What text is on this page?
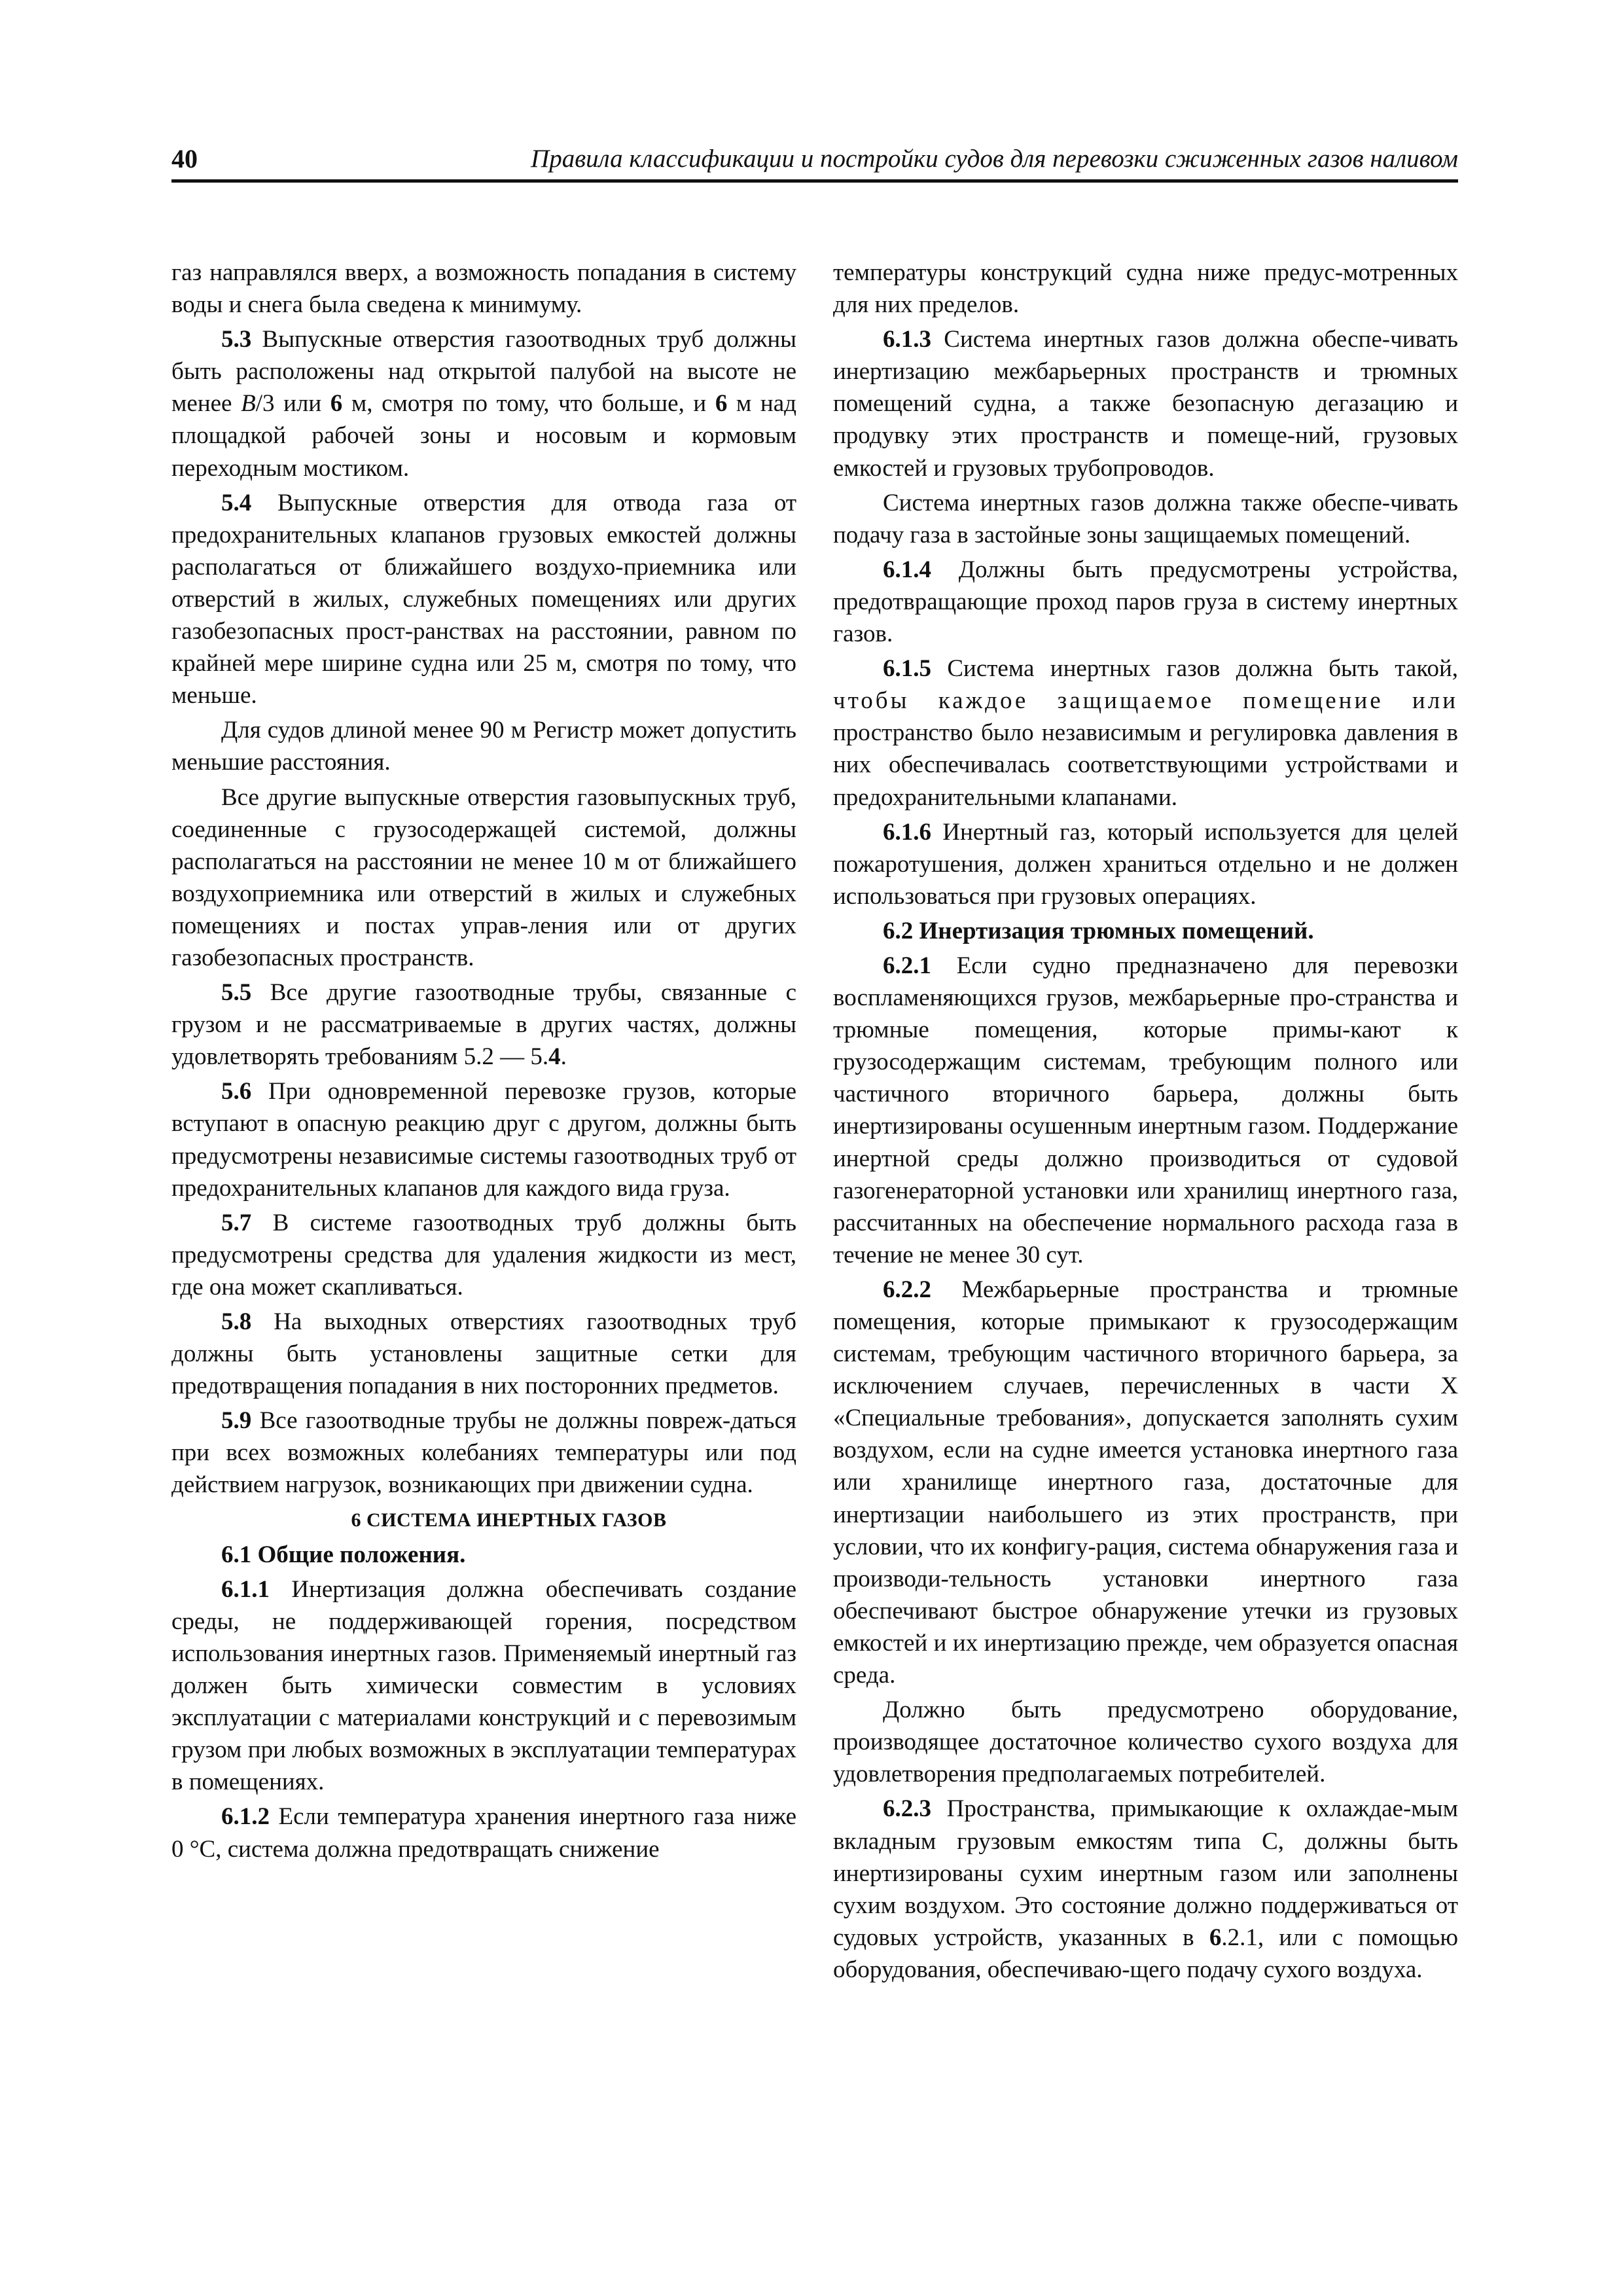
40	Правила классификации и постройки судов для перевозки сжиженных газов наливом

газ направлялся вверх, а возможность попадания в систему воды и снега была сведена к минимуму.

5.3 Выпускные отверстия газоотводных труб должны быть расположены над открытой палубой на высоте не менее B/3 или 6 м, смотря по тому, что больше, и 6 м над площадкой рабочей зоны и носовым и кормовым переходным мостиком.

5.4 Выпускные отверстия для отвода газа от предохранительных клапанов грузовых емкостей должны располагаться от ближайшего воздухо-приемника или отверстий в жилых, служебных помещениях или других газобезопасных прост-ранствах на расстоянии, равном по крайней мере ширине судна или 25 м, смотря по тому, что меньше.

Для судов длиной менее 90 м Регистр может допустить меньшие расстояния.

Все другие выпускные отверстия газовыпускных труб, соединенные с грузосодержащей системой, должны располагаться на расстоянии не менее 10 м от ближайшего воздухоприемника или отверстий в жилых и служебных помещениях и постах управ-ления или от других газобезопасных пространств.

5.5 Все другие газоотводные трубы, связанные с грузом и не рассматриваемые в других частях, должны удовлетворять требованиям 5.2 — 5.4.

5.6 При одновременной перевозке грузов, которые вступают в опасную реакцию друг с другом, должны быть предусмотрены независимые системы газоотводных труб от предохранительных клапанов для каждого вида груза.

5.7 В системе газоотводных труб должны быть предусмотрены средства для удаления жидкости из мест, где она может скапливаться.

5.8 На выходных отверстиях газоотводных труб должны быть установлены защитные сетки для предотвращения попадания в них посторонних предметов.

5.9 Все газоотводные трубы не должны повреж-даться при всех возможных колебаниях температуры или под действием нагрузок, возникающих при движении судна.

6 СИСТЕМА ИНЕРТНЫХ ГАЗОВ

6.1 Общие положения.

6.1.1 Инертизация должна обеспечивать создание среды, не поддерживающей горения, посредством использования инертных газов. Применяемый инертный газ должен быть химически совместим в условиях эксплуатации с материалами конструкций и с перевозимым грузом при любых возможных в эксплуатации температурах в помещениях.

6.1.2 Если температура хранения инертного газа ниже 0 °С, система должна предотвращать снижение

температуры конструкций судна ниже предус-мотренных для них пределов.

6.1.3 Система инертных газов должна обеспе-чивать инертизацию межбарьерных пространств и трюмных помещений судна, а также безопасную дегазацию и продувку этих пространств и помеще-ний, грузовых емкостей и грузовых трубопроводов.

Система инертных газов должна также обеспе-чивать подачу газа в застойные зоны защищаемых помещений.

6.1.4 Должны быть предусмотрены устройства, предотвращающие проход паров груза в систему инертных газов.

6.1.5 Система инертных газов должна быть такой, чтобы каждое защищаемое помещение или пространство было независимым и регулировка давления в них обеспечивалась соответствующими устройствами и предохранительными клапанами.

6.1.6 Инертный газ, который используется для целей пожаротушения, должен храниться отдельно и не должен использоваться при грузовых операциях.

6.2 Инертизация трюмных помещений.

6.2.1 Если судно предназначено для перевозки воспламеняющихся грузов, межбарьерные про-странства и трюмные помещения, которые примы-кают к грузосодержащим системам, требующим полного или частичного вторичного барьера, должны быть инертизированы осушенным инертным газом. Поддержание инертной среды должно производиться от судовой газогенераторной установки или хранилищ инертного газа, рассчитанных на обеспечение нормального расхода газа в течение не менее 30 сут.

6.2.2 Межбарьерные пространства и трюмные помещения, которые примыкают к грузосодержащим системам, требующим частичного вторичного барьера, за исключением случаев, перечисленных в части X «Специальные требования», допускается заполнять сухим воздухом, если на судне имеется установка инертного газа или хранилище инертного газа, достаточные для инертизации наибольшего из этих пространств, при условии, что их конфигу-рация, система обнаружения газа и производи-тельность установки инертного газа обеспечивают быстрое обнаружение утечки из грузовых емкостей и их инертизацию прежде, чем образуется опасная среда.

Должно быть предусмотрено оборудование, производящее достаточное количество сухого воздуха для удовлетворения предполагаемых потребителей.

6.2.3 Пространства, примыкающие к охлаждае-мым вкладным грузовым емкостям типа С, должны быть инертизированы сухим инертным газом или заполнены сухим воздухом. Это состояние должно поддерживаться от судовых устройств, указанных в 6.2.1, или с помощью оборудования, обеспечиваю-щего подачу сухого воздуха.
